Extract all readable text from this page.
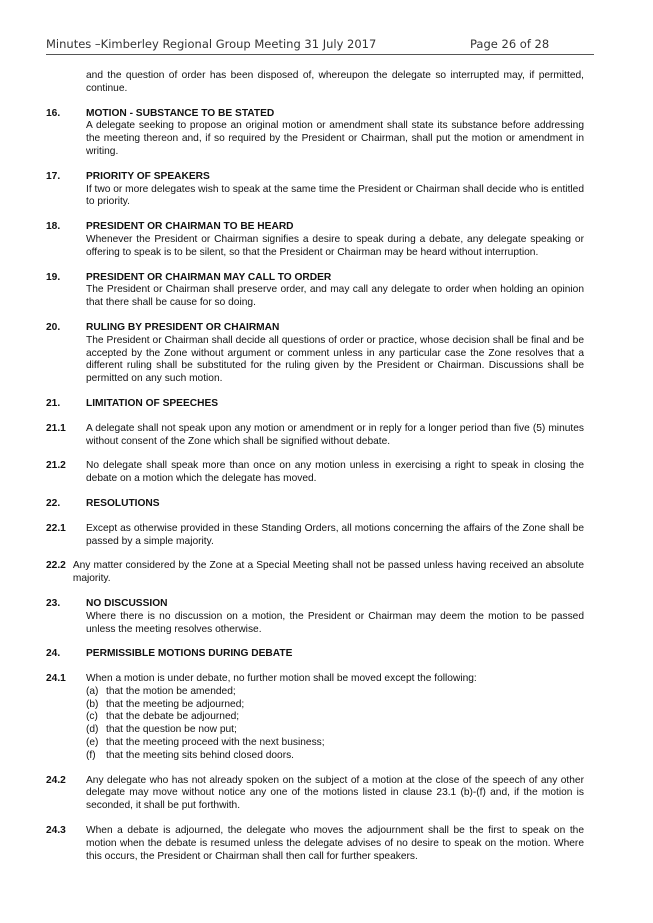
Minutes –Kimberley Regional Group Meeting 31 July 2017	Page 26 of 28

and the question of order has been disposed of, whereupon the delegate so interrupted may, if permitted, continue.

16.	MOTION - SUBSTANCE TO BE STATED

A delegate seeking to propose an original motion or amendment shall state its substance before addressing the meeting thereon and, if so required by the President or Chairman, shall put the motion or amendment in writing.

17.	PRIORITY OF SPEAKERS

If two or more delegates wish to speak at the same time the President or Chairman shall decide who is entitled to priority.

18.	PRESIDENT OR CHAIRMAN TO BE HEARD

Whenever the President or Chairman signifies a desire to speak during a debate, any delegate speaking or offering to speak is to be silent, so that the President or Chairman may be heard without interruption.

19.	PRESIDENT OR CHAIRMAN MAY CALL TO ORDER

The President or Chairman shall preserve order, and may call any delegate to order when holding an opinion that there shall be cause for so doing.

20.	RULING BY PRESIDENT OR CHAIRMAN

The President or Chairman shall decide all questions of order or practice, whose decision shall be final and be accepted by the Zone without argument or comment unless in any particular case the Zone resolves that a different ruling shall be substituted for the ruling given by the President or Chairman. Discussions shall be permitted on any such motion.

21.	LIMITATION OF SPEECHES
21.1	A delegate shall not speak upon any motion or amendment or in reply for a longer period than five (5) minutes without consent of the Zone which shall be signified without debate.

21.2	No delegate shall speak more than once on any motion unless in exercising a right to speak in closing the debate on a motion which the delegate has moved.

22.	RESOLUTIONS
22.1	Except as otherwise provided in these Standing Orders, all motions concerning the affairs of the Zone shall be passed by a simple majority.

22.2 Any matter considered by the Zone at a Special Meeting shall not be passed unless having received an absolute majority.

23.	NO DISCUSSION

Where there is no discussion on a motion, the President or Chairman may deem the motion to be passed unless the meeting resolves otherwise.

24.	PERMISSIBLE MOTIONS DURING DEBATE
24.1	When a motion is under debate, no further motion shall be moved except the following:

(a) that the motion be amended;
(b) that the meeting be adjourned;
(c) that the debate be adjourned;
(d) that the question be now put;
(e) that the meeting proceed with the next business;
(f)	that the meeting sits behind closed doors.
24.2	Any delegate who has not already spoken on the subject of a motion at the close of the speech of any other delegate may move without notice any one of the motions listed in clause 23.1 (b)-(f) and, if the motion is seconded, it shall be put forthwith.

24.3	When a debate is adjourned, the delegate who moves the adjournment shall be the first to speak on the motion when the debate is resumed unless the delegate advises of no desire to speak on the motion. Where this occurs, the President or Chairman shall then call for further speakers.
